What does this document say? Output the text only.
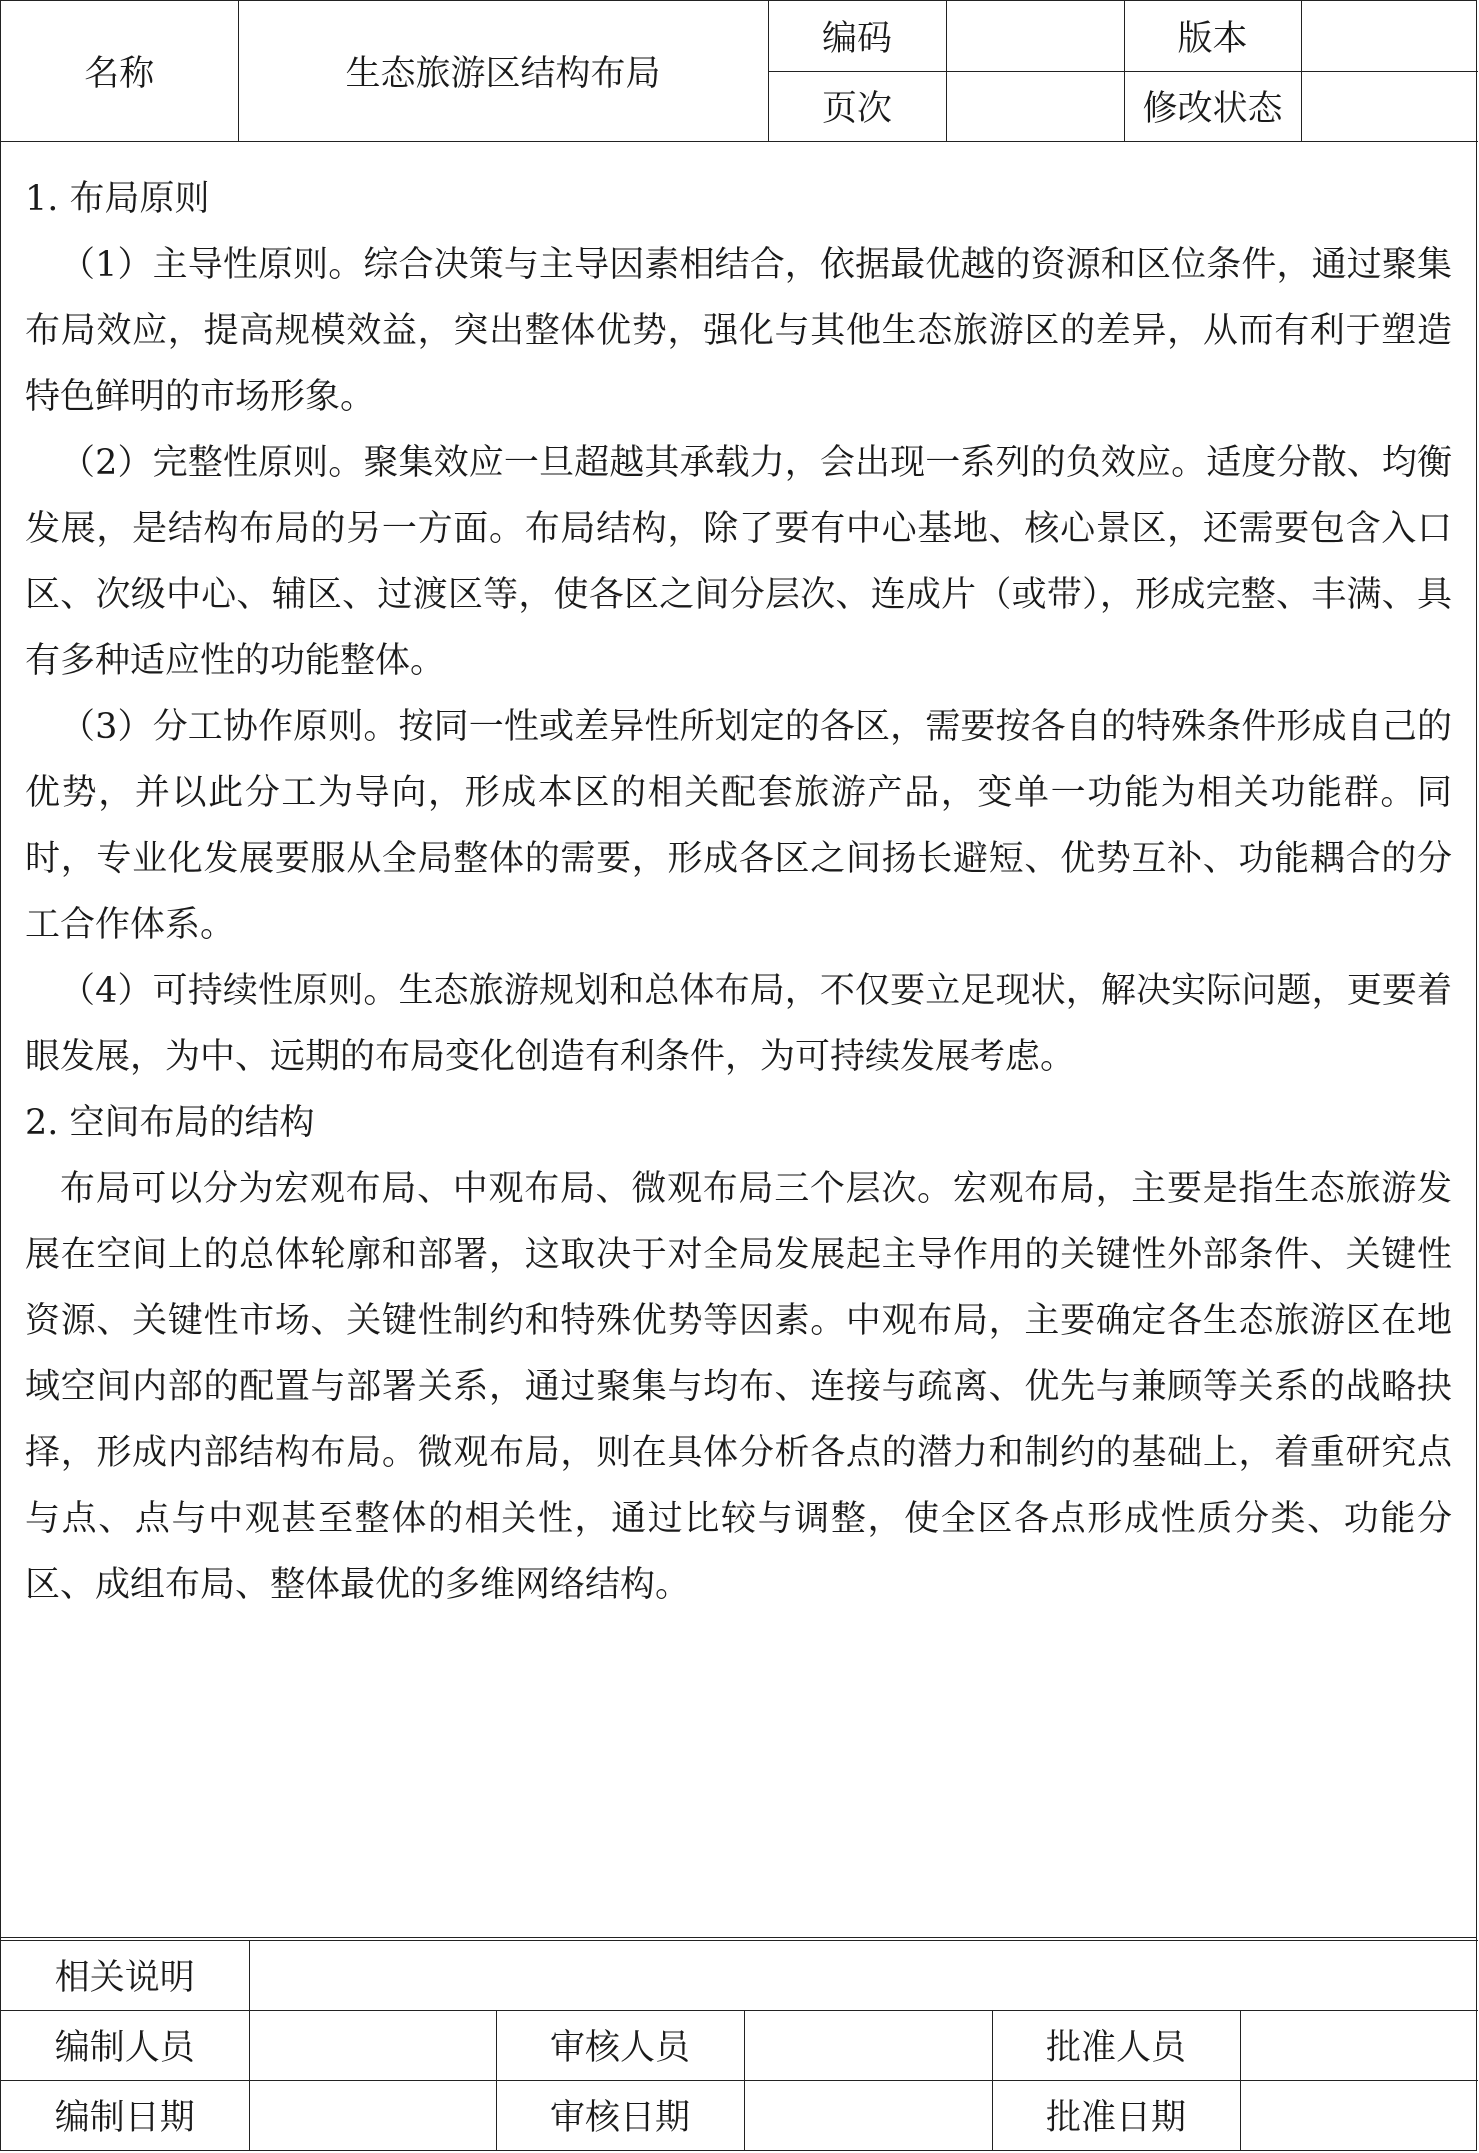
名称	生态旅游区结构布局	编码		版本	
		页次		修改状态	

1. 布局原则

（1）主导性原则。综合决策与主导因素相结合，依据最优越的资源和区位条件，通过聚集布局效应，提高规模效益，突出整体优势，强化与其他生态旅游区的差异，从而有利于塑造特色鲜明的市场形象。

（2）完整性原则。聚集效应一旦超越其承载力，会出现一系列的负效应。适度分散、均衡发展，是结构布局的另一方面。布局结构，除了要有中心基地、核心景区，还需要包含入口区、次级中心、辅区、过渡区等，使各区之间分层次、连成片（或带），形成完整、丰满、具有多种适应性的功能整体。

（3）分工协作原则。按同一性或差异性所划定的各区，需要按各自的特殊条件形成自己的优势，并以此分工为导向，形成本区的相关配套旅游产品，变单一功能为相关功能群。同时，专业化发展要服从全局整体的需要，形成各区之间扬长避短、优势互补、功能耦合的分工合作体系。

（4）可持续性原则。生态旅游规划和总体布局，不仅要立足现状，解决实际问题，更要着眼发展，为中、远期的布局变化创造有利条件，为可持续发展考虑。

2. 空间布局的结构

布局可以分为宏观布局、中观布局、微观布局三个层次。宏观布局，主要是指生态旅游发展在空间上的总体轮廓和部署，这取决于对全局发展起主导作用的关键性外部条件、关键性资源、关键性市场、关键性制约和特殊优势等因素。中观布局，主要确定各生态旅游区在地域空间内部的配置与部署关系，通过聚集与均布、连接与疏离、优先与兼顾等关系的战略抉择，形成内部结构布局。微观布局，则在具体分析各点的潜力和制约的基础上，着重研究点与点、点与中观甚至整体的相关性，通过比较与调整，使全区各点形成性质分类、功能分区、成组布局、整体最优的多维网络结构。

相关说明					
编制人员		审核人员		批准人员	
编制日期		审核日期		批准日期	
